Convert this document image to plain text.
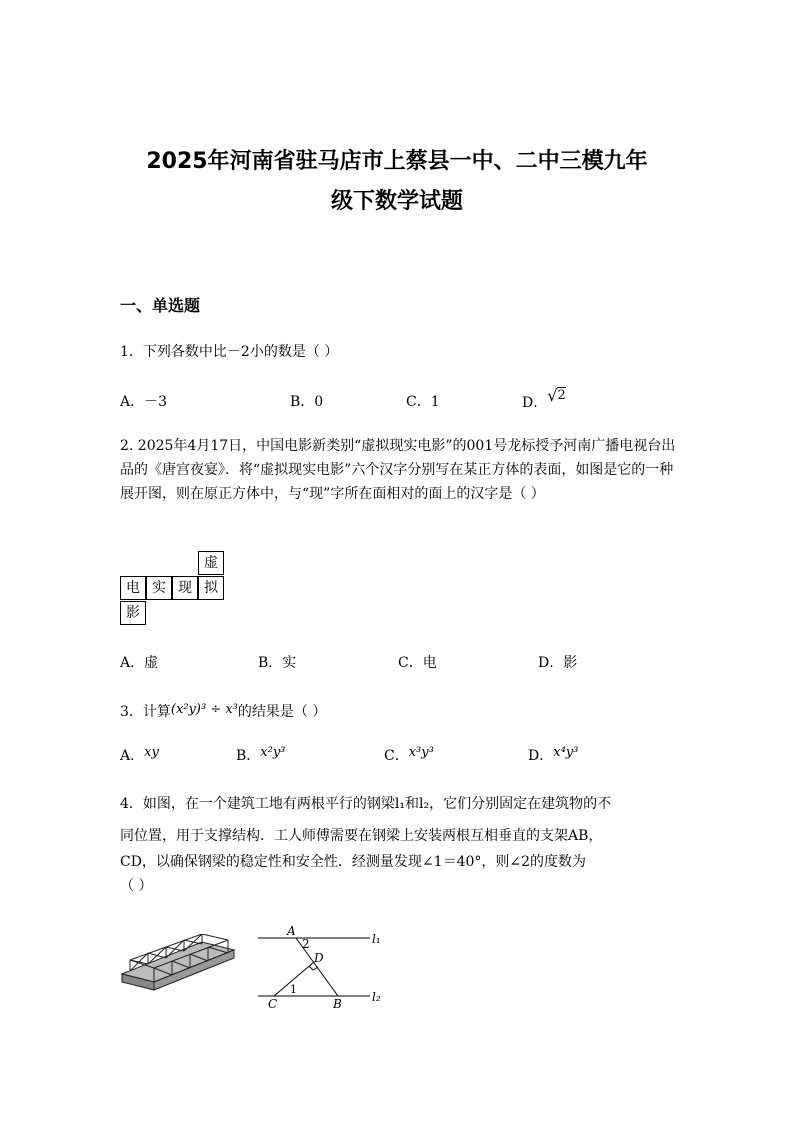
2025年河南省驻马店市上蔡县一中、二中三模九年
级下数学试题
一、单选题
1．下列各数中比－2小的数是（ ）
A．－3	B．0	C．1	D．√2
2. 2025年4月17日，中国电影新类别“虚拟现实电影”的001号龙标授予河南广播电视台出品的《唐宫夜宴》．将“虚拟现实电影”六个汉字分别写在某正方体的表面，如图是它的一种展开图，则在原正方体中，与“现”字所在面相对的面上的汉字是（ ）
虚
电 实 现 拟
影
A．虚	B．实	C．电	D．影
3．计算(x²y)³ ÷ x³的结果是（ ）
A．xy	B．x²y³	C．x³y³	D．x⁴y³
4．如图，在一个建筑工地有两根平行的钢梁l₁和l₂，它们分别固定在建筑物的不
同位置，用于支撑结构．工人师傅需要在钢梁上安装两根互相垂直的支架AB，
CD，以确保钢梁的稳定性和安全性．经测量发现∠1＝40°，则∠2的度数为
（ ）
A
2
D
1
C	B
l₁
l₂
